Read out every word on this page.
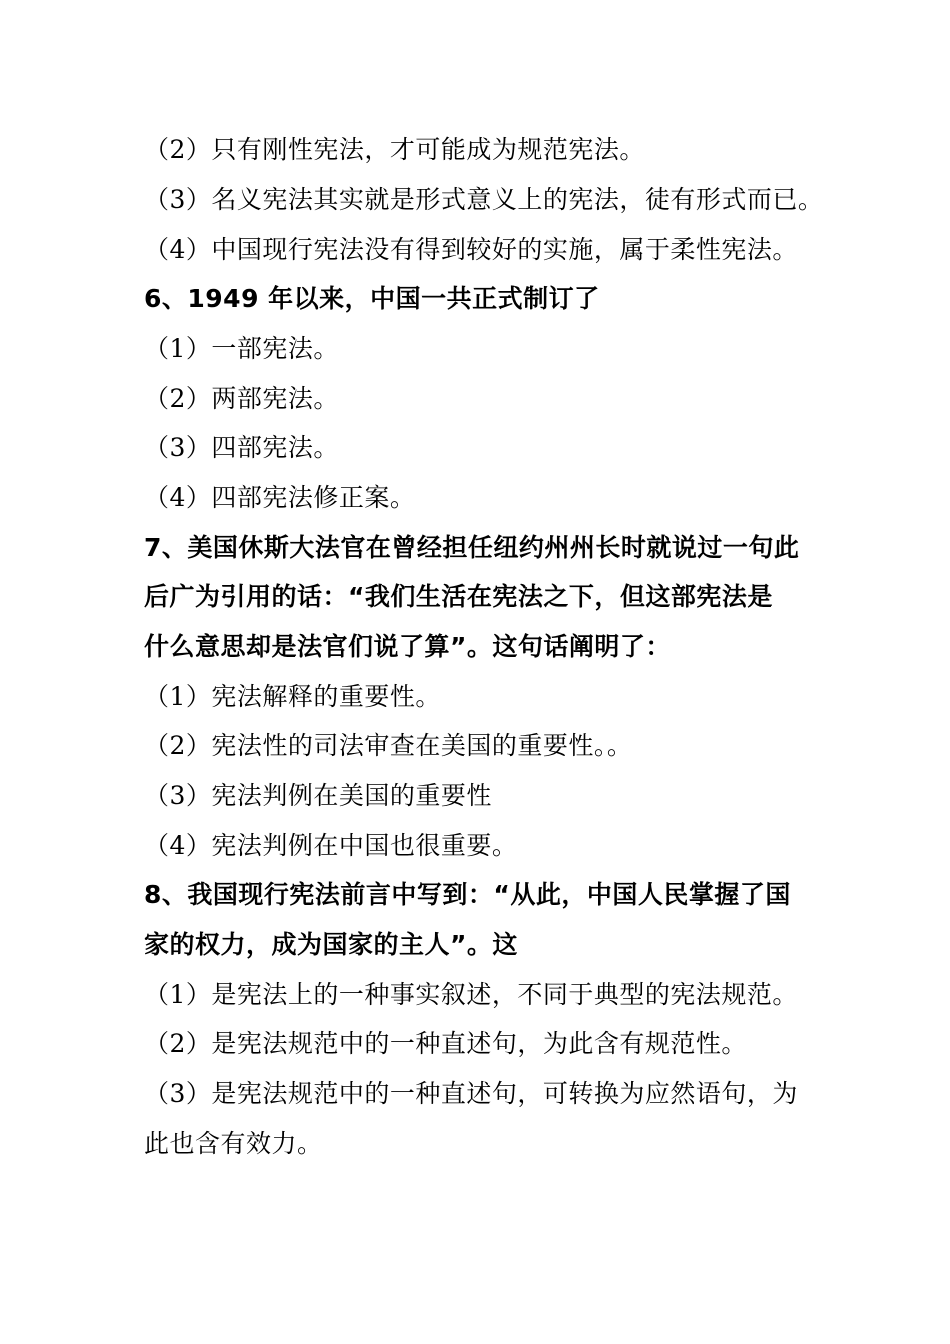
（2）只有刚性宪法，才可能成为规范宪法。
（3）名义宪法其实就是形式意义上的宪法，徒有形式而已。
（4）中国现行宪法没有得到较好的实施，属于柔性宪法。
6、1949 年以来，中国一共正式制订了
（1）一部宪法。
（2）两部宪法。
（3）四部宪法。
（4）四部宪法修正案。
7、美国休斯大法官在曾经担任纽约州州长时就说过一句此
后广为引用的话：“我们生活在宪法之下，但这部宪法是
什么意思却是法官们说了算”。这句话阐明了：
（1）宪法解释的重要性。
（2）宪法性的司法审查在美国的重要性。。
（3）宪法判例在美国的重要性
（4）宪法判例在中国也很重要。
8、我国现行宪法前言中写到：“从此，中国人民掌握了国
家的权力，成为国家的主人”。这
（1）是宪法上的一种事实叙述，不同于典型的宪法规范。
（2）是宪法规范中的一种直述句，为此含有规范性。
（3）是宪法规范中的一种直述句，可转换为应然语句，为
此也含有效力。
